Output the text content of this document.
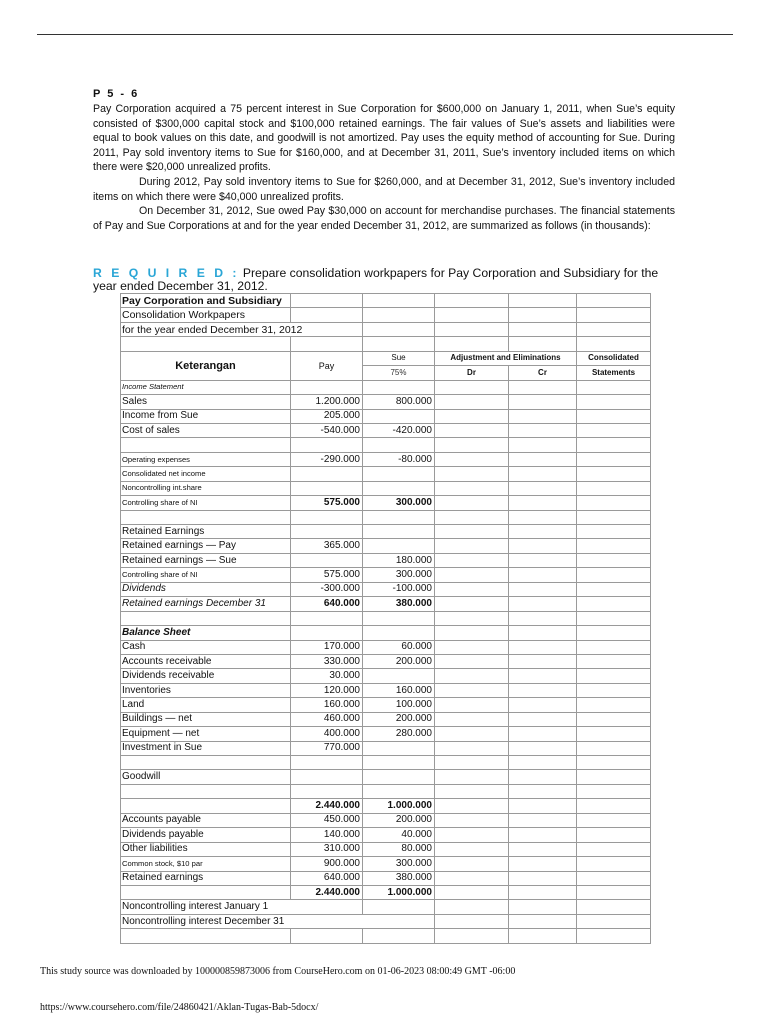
P 5 - 6

Pay Corporation acquired a 75 percent interest in Sue Corporation for $600,000 on January 1, 2011, when Sue’s equity consisted of $300,000 capital stock and $100,000 retained earnings. The fair values of Sue’s assets and liabilities were equal to book values on this date, and goodwill is not amortized. Pay uses the equity method of accounting for Sue. During 2011, Pay sold inventory items to Sue for $160,000, and at December 31, 2011, Sue’s inventory included items on which there were $20,000 unrealized profits.

During 2012, Pay sold inventory items to Sue for $260,000, and at December 31, 2012, Sue’s inventory included items on which there were $40,000 unrealized profits.

On December 31, 2012, Sue owed Pay $30,000 on account for merchandise purchases. The financial statements of Pay and Sue Corporations at and for the year ended December 31, 2012, are summarized as follows (in thousands):

R E Q U I R E D : Prepare consolidation workpapers for Pay Corporation and Subsidiary for the year ended December 31, 2012.
Pay Corporation and Subsidiary					
Consolidation Workpapers					
for the year ended December 31, 2012					

Keterangan	Pay	Sue	Adjustment and Eliminations		Consolidated
		75%	Dr	Cr	Statements
Income Statement					
Sales	1.200.000	800.000			
Income from Sue	205.000				
Cost of sales	-540.000	-420.000			

Operating expenses	-290.000	-80.000			
Consolidated net income					
Noncontrolling int.share					
Controlling share of NI	575.000	300.000			

Retained Earnings					
Retained earnings — Pay	365.000				
Retained earnings — Sue		180.000			
Controlling share of NI	575.000	300.000			
Dividends	-300.000	-100.000			
Retained earnings December 31	640.000	380.000			

Balance Sheet					
Cash	170.000	60.000			
Accounts receivable	330.000	200.000			
Dividends receivable	30.000				
Inventories	120.000	160.000			
Land	160.000	100.000			
Buildings — net	460.000	200.000			
Equipment — net	400.000	280.000			
Investment in Sue	770.000				

Goodwill					

	2.440.000	1.000.000			
Accounts payable	450.000	200.000			
Dividends payable	140.000	40.000			
Other liabilities	310.000	80.000			
Common stock, $10 par	900.000	300.000			
Retained earnings	640.000	380.000			
	2.440.000	1.000.000			
Noncontrolling interest January 1					
Noncontrolling interest December 31					

This study source was downloaded by 100000859873006 from CourseHero.com on 01-06-2023 08:00:49 GMT -06:00
https://www.coursehero.com/file/24860421/Aklan-Tugas-Bab-5docx/
